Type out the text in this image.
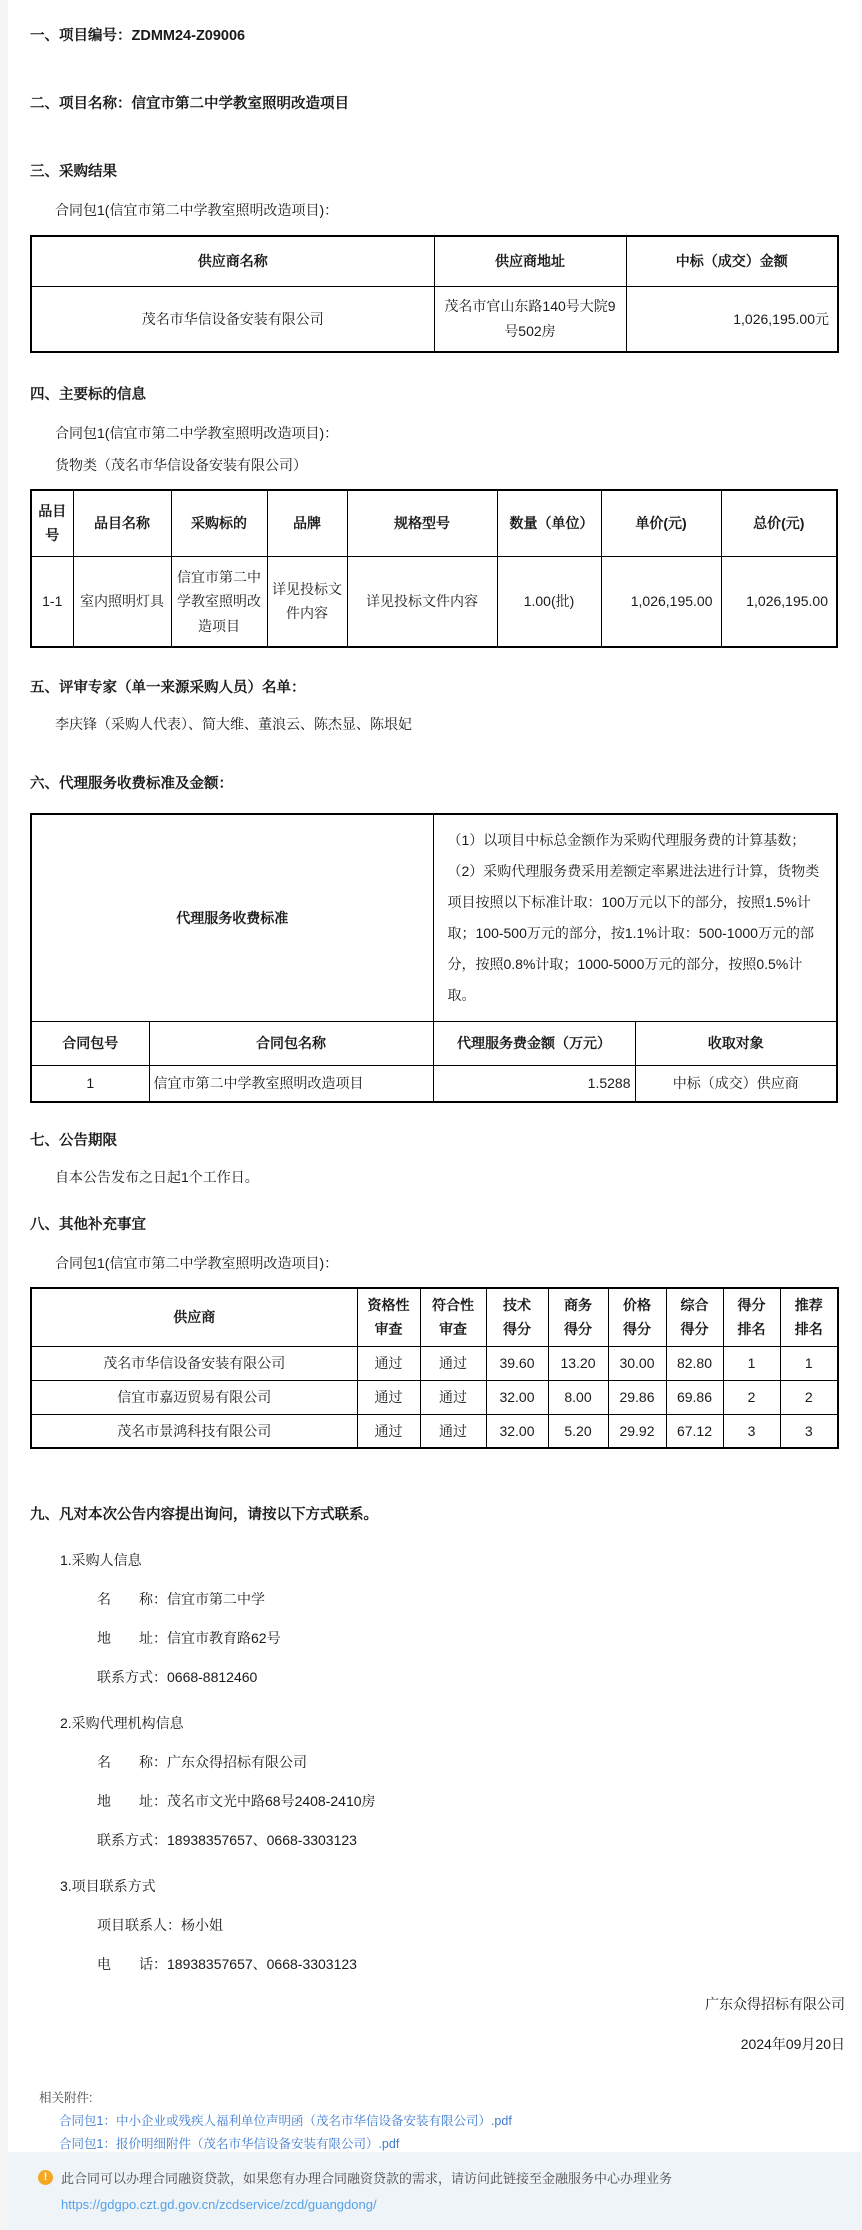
一、项目编号：ZDMM24-Z09006
二、项目名称：信宜市第二中学教室照明改造项目
三、采购结果
合同包1(信宜市第二中学教室照明改造项目)：
供应商名称	供应商地址	中标（成交）金额
茂名市华信设备安装有限公司	茂名市官山东路140号大院9号502房	1,026,195.00元
四、主要标的信息
合同包1(信宜市第二中学教室照明改造项目)：
货物类（茂名市华信设备安装有限公司）
品目号	品目名称	采购标的	品牌	规格型号	数量（单位）	单价(元)	总价(元)
1-1	室内照明灯具	信宜市第二中学教室照明改造项目	详见投标文件内容	详见投标文件内容	1.00(批)	1,026,195.00	1,026,195.00
五、评审专家（单一来源采购人员）名单：
李庆锋（采购人代表）、简大维、董浪云、陈杰显、陈垠妃
六、代理服务收费标准及金额：
代理服务收费标准		（1）以项目中标总金额作为采购代理服务费的计算基数；（2）采购代理服务费采用差额定率累进法进行计算，货物类项目按照以下标准计取：100万元以下的部分，按照1.5%计取；100-500万元的部分，按1.1%计取：500-1000万元的部分，按照0.8%计取；1000-5000万元的部分，按照0.5%计取。	
合同包号	合同包名称	代理服务费金额（万元）	收取对象
1	信宜市第二中学教室照明改造项目	1.5288	中标（成交）供应商
七、公告期限
自本公告发布之日起1个工作日。
八、其他补充事宜
合同包1(信宜市第二中学教室照明改造项目)：
供应商	资格性审查	符合性审查	技术得分	商务得分	价格得分	综合得分	得分排名	推荐排名
茂名市华信设备安装有限公司	通过	通过	39.60	13.20	30.00	82.80	1	1
信宜市嘉迈贸易有限公司	通过	通过	32.00	8.00	29.86	69.86	2	2
茂名市景鸿科技有限公司	通过	通过	32.00	5.20	29.92	67.12	3	3
九、凡对本次公告内容提出询问，请按以下方式联系。
1.采购人信息
名　　称：信宜市第二中学
地　　址：信宜市教育路62号
联系方式：0668-8812460
2.采购代理机构信息
名　　称：广东众得招标有限公司
地　　址：茂名市文光中路68号2408-2410房
联系方式：18938357657、0668-3303123
3.项目联系方式
项目联系人：杨小姐
电　　话：18938357657、0668-3303123
广东众得招标有限公司
2024年09月20日
相关附件:
合同包1：中小企业或残疾人福利单位声明函（茂名市华信设备安装有限公司）.pdf
合同包1：报价明细附件（茂名市华信设备安装有限公司）.pdf
!	此合同可以办理合同融资贷款，如果您有办理合同融资贷款的需求，请访问此链接至金融服务中心办理业务
https://gdgpo.czt.gd.gov.cn/zcdservice/zcd/guangdong/
